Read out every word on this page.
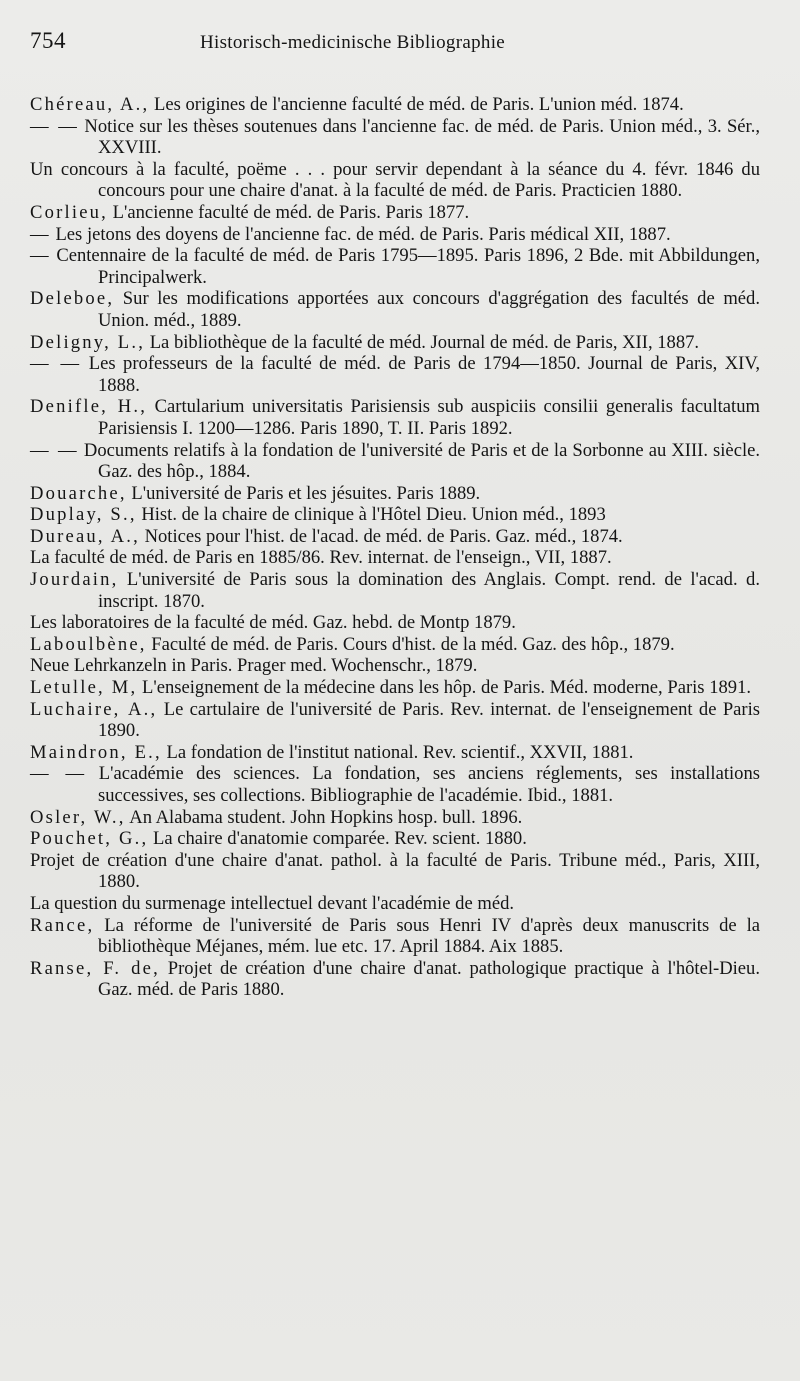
754	Historisch-medicinische Bibliographie
Chéreau, A., Les origines de l'ancienne faculté de méd. de Paris. L'union méd. 1874.
— — Notice sur les thèses soutenues dans l'ancienne fac. de méd. de Paris. Union méd., 3. Sér., XXVIII.
Un concours à la faculté, poëme . . . pour servir dependant à la séance du 4. févr. 1846 du concours pour une chaire d'anat. à la faculté de méd. de Paris. Practicien 1880.
Corlieu, L'ancienne faculté de méd. de Paris. Paris 1877.
— Les jetons des doyens de l'ancienne fac. de méd. de Paris. Paris médical XII, 1887.
— Centennaire de la faculté de méd. de Paris 1795—1895. Paris 1896, 2 Bde. mit Abbildungen, Principalwerk.
Deleboe, Sur les modifications apportées aux concours d'aggrégation des facultés de méd. Union. méd., 1889.
Deligny, L., La bibliothèque de la faculté de méd. Journal de méd. de Paris, XII, 1887.
— — Les professeurs de la faculté de méd. de Paris de 1794—1850. Journal de Paris, XIV, 1888.
Denifle, H., Cartularium universitatis Parisiensis sub auspiciis consilii generalis facultatum Parisiensis I. 1200—1286. Paris 1890, T. II. Paris 1892.
— — Documents relatifs à la fondation de l'université de Paris et de la Sorbonne au XIII. siècle. Gaz. des hôp., 1884.
Douarche, L'université de Paris et les jésuites. Paris 1889.
Duplay, S., Hist. de la chaire de clinique à l'Hôtel Dieu. Union méd., 1893
Dureau, A., Notices pour l'hist. de l'acad. de méd. de Paris. Gaz. méd., 1874.
La faculté de méd. de Paris en 1885/86. Rev. internat. de l'enseign., VII, 1887.
Jourdain, L'université de Paris sous la domination des Anglais. Compt. rend. de l'acad. d. inscript. 1870.
Les laboratoires de la faculté de méd. Gaz. hebd. de Montp 1879.
Laboulbène, Faculté de méd. de Paris. Cours d'hist. de la méd. Gaz. des hôp., 1879.
Neue Lehrkanzeln in Paris. Prager med. Wochenschr., 1879.
Letulle, M, L'enseignement de la médecine dans les hôp. de Paris. Méd. moderne, Paris 1891.
Luchaire, A., Le cartulaire de l'université de Paris. Rev. internat. de l'enseignement de Paris 1890.
Maindron, E., La fondation de l'institut national. Rev. scientif., XXVII, 1881.
— — L'académie des sciences. La fondation, ses anciens réglements, ses installations successives, ses collections. Bibliographie de l'académie. Ibid., 1881.
Osler, W., An Alabama student. John Hopkins hosp. bull. 1896.
Pouchet, G., La chaire d'anatomie comparée. Rev. scient. 1880.
Projet de création d'une chaire d'anat. pathol. à la faculté de Paris. Tribune méd., Paris, XIII, 1880.
La question du surmenage intellectuel devant l'académie de méd.
Rance, La réforme de l'université de Paris sous Henri IV d'après deux manuscrits de la bibliothèque Méjanes, mém. lue etc. 17. April 1884. Aix 1885.
Ranse, F. de, Projet de création d'une chaire d'anat. pathologique practique à l'hôtel-Dieu. Gaz. méd. de Paris 1880.
